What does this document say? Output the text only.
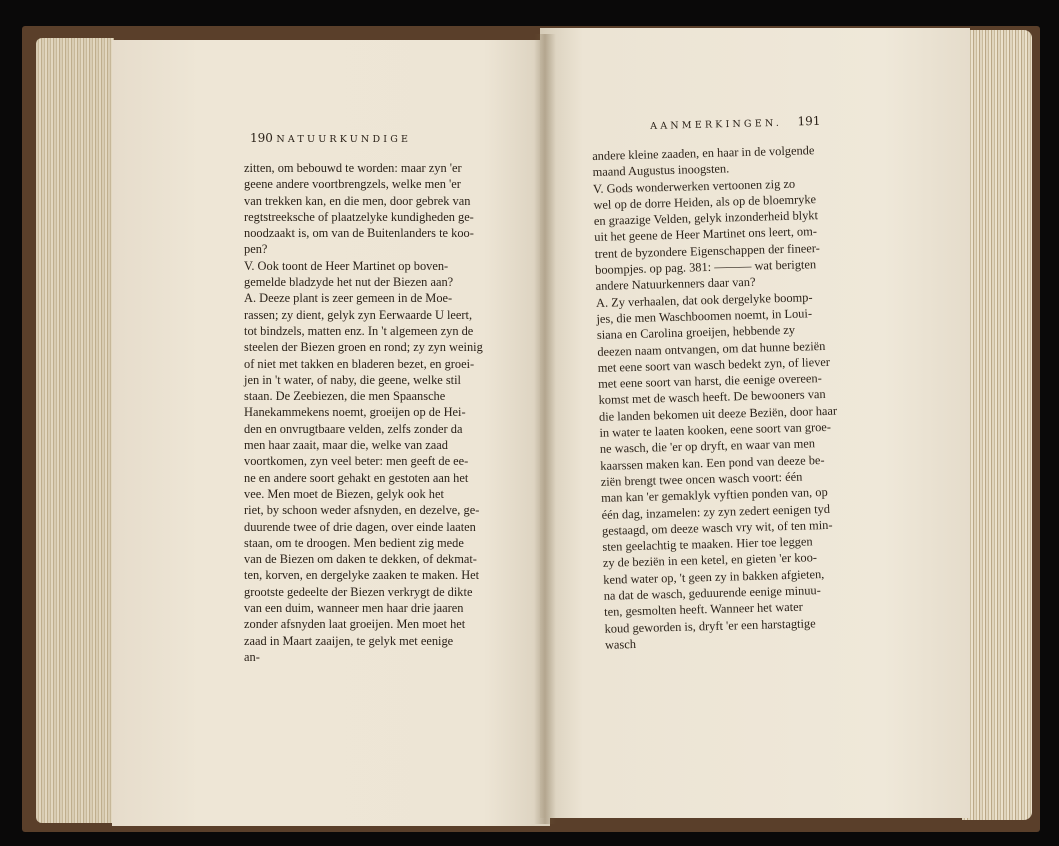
190 NATUURKUNDIGE
AANMERKINGEN. 191
zitten, om bebouwd te worden: maar zyn 'er
geene andere voortbrengzels, welke men 'er
van trekken kan, en die men, door gebrek van
regtstreeksche of plaatzelyke kundigheden ge-
noodzaakt is, om van de Buitenlanders te koo-
pen?
V. Ook toont de Heer Martinet op boven-
gemelde bladzyde het nut der Biezen aan?
A. Deeze plant is zeer gemeen in de Moe-
rassen; zy dient, gelyk zyn Eerwaarde U leert,
tot bindzels, matten enz. In 't algemeen zyn de
steelen der Biezen groen en rond; zy zyn weinig
of niet met takken en bladeren bezet, en groei-
jen in 't water, of naby, die geene, welke stil
staan. De Zeebiezen, die men Spaansche
Hanekammekens noemt, groeijen op de Hei-
den en onvrugtbaare velden, zelfs zonder da
men haar zaait, maar die, welke van zaad
voortkomen, zyn veel beter: men geeft de ee-
ne en andere soort gehakt en gestoten aan het
vee. Men moet de Biezen, gelyk ook het
riet, by schoon weder afsnyden, en dezelve, ge-
duurende twee of drie dagen, over einde laaten
staan, om te droogen. Men bedient zig mede
van de Biezen om daken te dekken, of dekmat-
ten, korven, en dergelyke zaaken te maken. Het
grootste gedeelte der Biezen verkrygt de dikte
van een duim, wanneer men haar drie jaaren
zonder afsnyden laat groeijen. Men moet het
zaad in Maart zaaijen, te gelyk met eenige
an-
andere kleine zaaden, en haar in de volgende
maand Augustus inoogsten.
V. Gods wonderwerken vertoonen zig zo
wel op de dorre Heiden, als op de bloemryke
en graazige Velden, gelyk inzonderheid blykt
uit het geene de Heer Martinet ons leert, om-
trent de byzondere Eigenschappen der fineer-
boompjes. op pag. 381: ——— wat berigten
andere Natuurkenners daar van?
A. Zy verhaalen, dat ook dergelyke boomp-
jes, die men Waschboomen noemt, in Loui-
siana en Carolina groeijen, hebbende zy
deezen naam ontvangen, om dat hunne beziën
met eene soort van wasch bedekt zyn, of liever
met eene soort van harst, die eenige overeen-
komst met de wasch heeft. De bewooners van
die landen bekomen uit deeze Beziën, door haar
in water te laaten kooken, eene soort van groe-
ne wasch, die 'er op dryft, en waar van men
kaarssen maken kan. Een pond van deeze be-
ziën brengt twee oncen wasch voort: één
man kan 'er gemaklyk vyftien ponden van, op
één dag, inzamelen: zy zyn zedert eenigen tyd
gestaagd, om deeze wasch vry wit, of ten min-
sten geelachtig te maaken. Hier toe leggen
zy de beziën in een ketel, en gieten 'er koo-
kend water op, 't geen zy in bakken afgieten,
na dat de wasch, geduurende eenige minuu-
ten, gesmolten heeft. Wanneer het water
koud geworden is, dryft 'er een harstagtige
wasch
